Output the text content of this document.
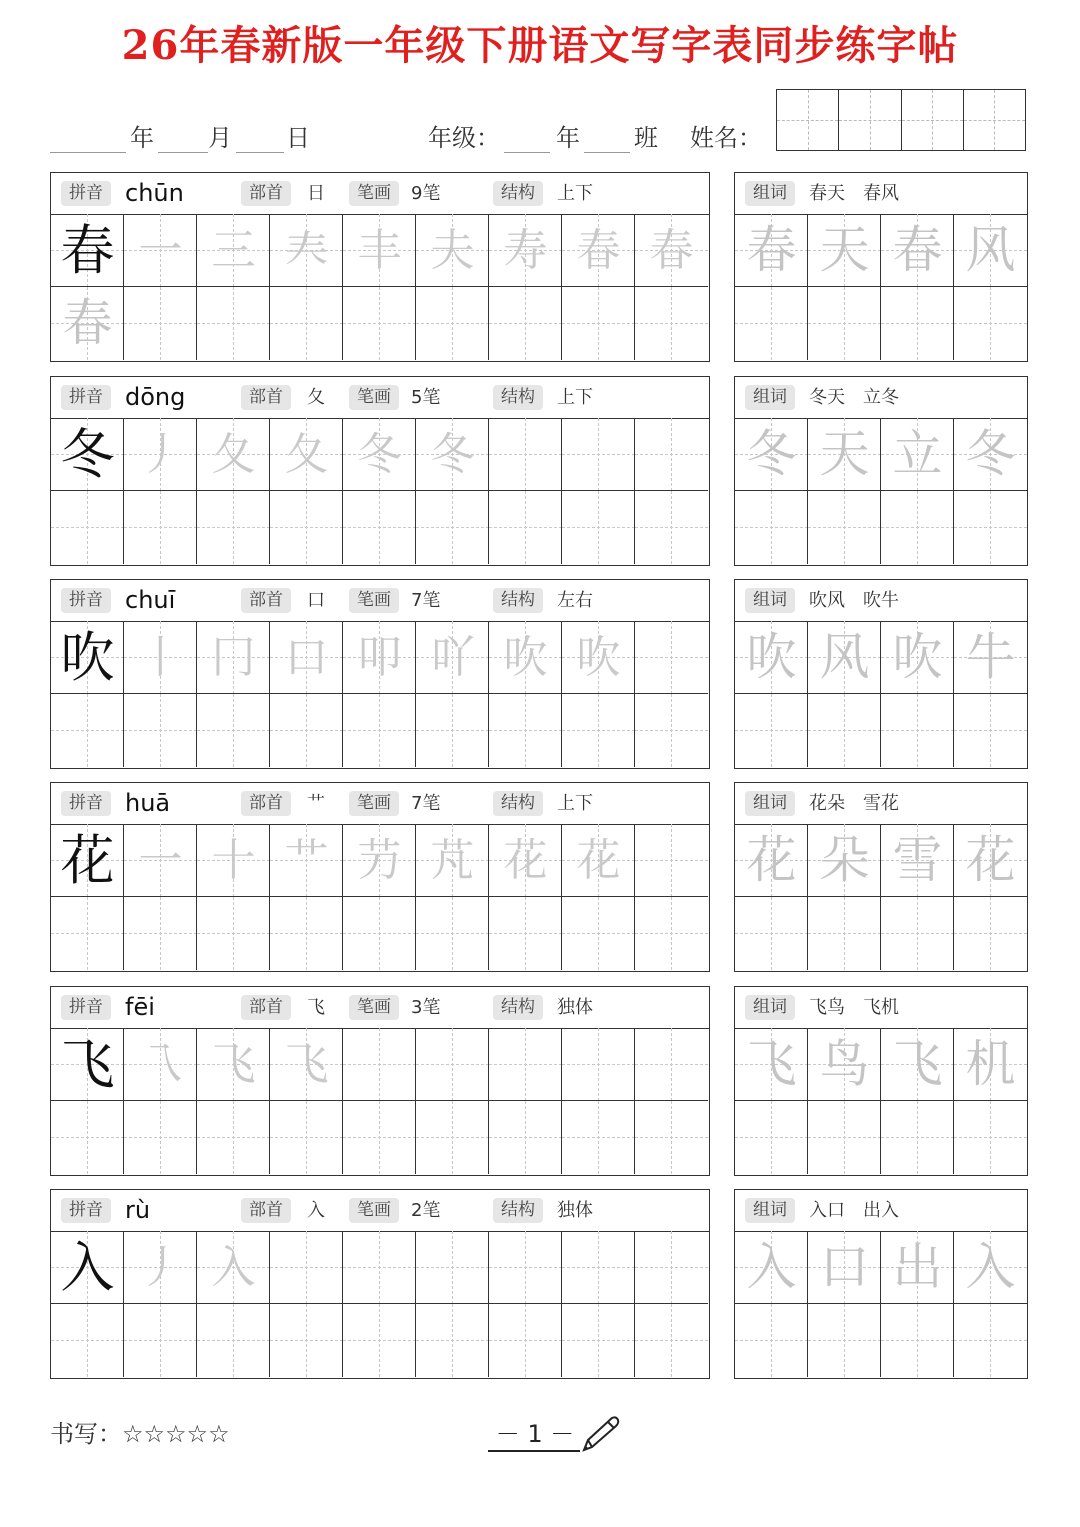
26年春新版一年级下册语文写字表同步练字帖
年 月 日	年级： 年 班 姓名：
拼音 chūn	部首	日	笔画	9笔	结构	上下
春 一 三 𡗗 丰 夫 寿 春 春
春
组词	春天　春风
春 天 春 风
拼音 dōng	部首	夂	笔画	5笔	结构	上下
冬 丿 夂 夂 冬 冬
组词	冬天　立冬
冬 天 立 冬
拼音 chuī	部首	口	笔画	7笔	结构	左右
吹 丨 冂 口 叩 吖 吹 吹
组词	吹风　吹牛
吹 风 吹 牛
拼音 huā	部首	艹	笔画	7笔	结构	上下
花 一 十 艹 芀 芃 花 花
组词	花朵　雪花
花 朵 雪 花
拼音 fēi	部首	飞	笔画	3笔	结构	独体
飞 乁 飞 飞
组词	飞鸟　飞机
飞 鸟 飞 机
拼音 rù	部首	入	笔画	2笔	结构	独体
入 丿 入
组词	入口　出入
入 口 出 入
书写：☆☆☆☆☆	－ 1 －
